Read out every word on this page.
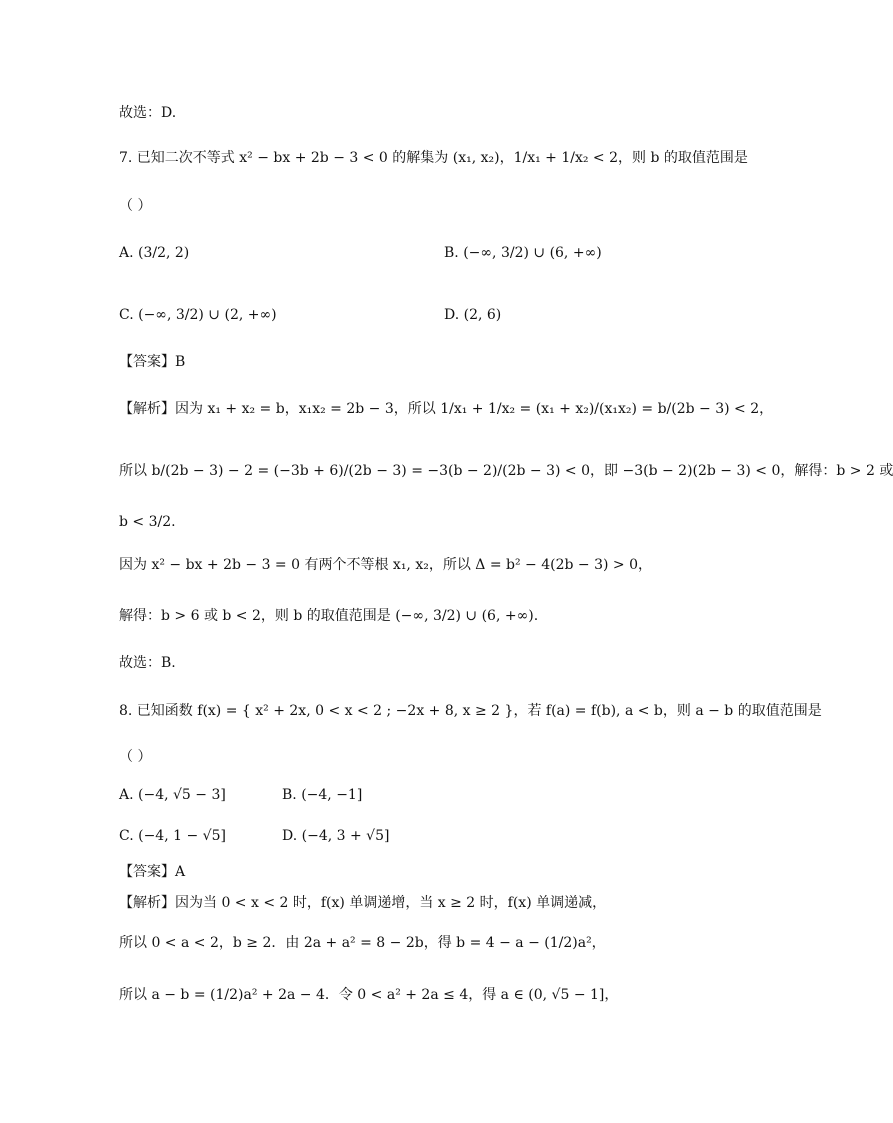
故选：D.
7. 已知二次不等式 x² − bx + 2b − 3 < 0 的解集为 (x₁, x₂)，1/x₁ + 1/x₂ < 2，则 b 的取值范围是
（ ）
A. (3/2, 2)	B. (−∞, 3/2) ∪ (6, +∞)
C. (−∞, 3/2) ∪ (2, +∞)	D. (2, 6)
【答案】B
【解析】因为 x₁ + x₂ = b，x₁x₂ = 2b − 3，所以 1/x₁ + 1/x₂ = (x₁ + x₂)/(x₁x₂) = b/(2b − 3) < 2，
所以 b/(2b − 3) − 2 = (−3b + 6)/(2b − 3) = −3(b − 2)/(2b − 3) < 0，即 −3(b − 2)(2b − 3) < 0，解得：b > 2 或
b < 3/2.
因为 x² − bx + 2b − 3 = 0 有两个不等根 x₁, x₂，所以 Δ = b² − 4(2b − 3) > 0，
解得：b > 6 或 b < 2，则 b 的取值范围是 (−∞, 3/2) ∪ (6, +∞).
故选：B.
8. 已知函数 f(x) = { x² + 2x, 0 < x < 2 ; −2x + 8, x ≥ 2 }，若 f(a) = f(b), a < b，则 a − b 的取值范围是
（ ）
A. (−4, √5 − 3]	B. (−4, −1]
C. (−4, 1 − √5]	D. (−4, 3 + √5]
【答案】A
【解析】因为当 0 < x < 2 时，f(x) 单调递增，当 x ≥ 2 时，f(x) 单调递减，
所以 0 < a < 2，b ≥ 2．由 2a + a² = 8 − 2b，得 b = 4 − a − (1/2)a²，
所以 a − b = (1/2)a² + 2a − 4．令 0 < a² + 2a ≤ 4，得 a ∈ (0, √5 − 1]，
